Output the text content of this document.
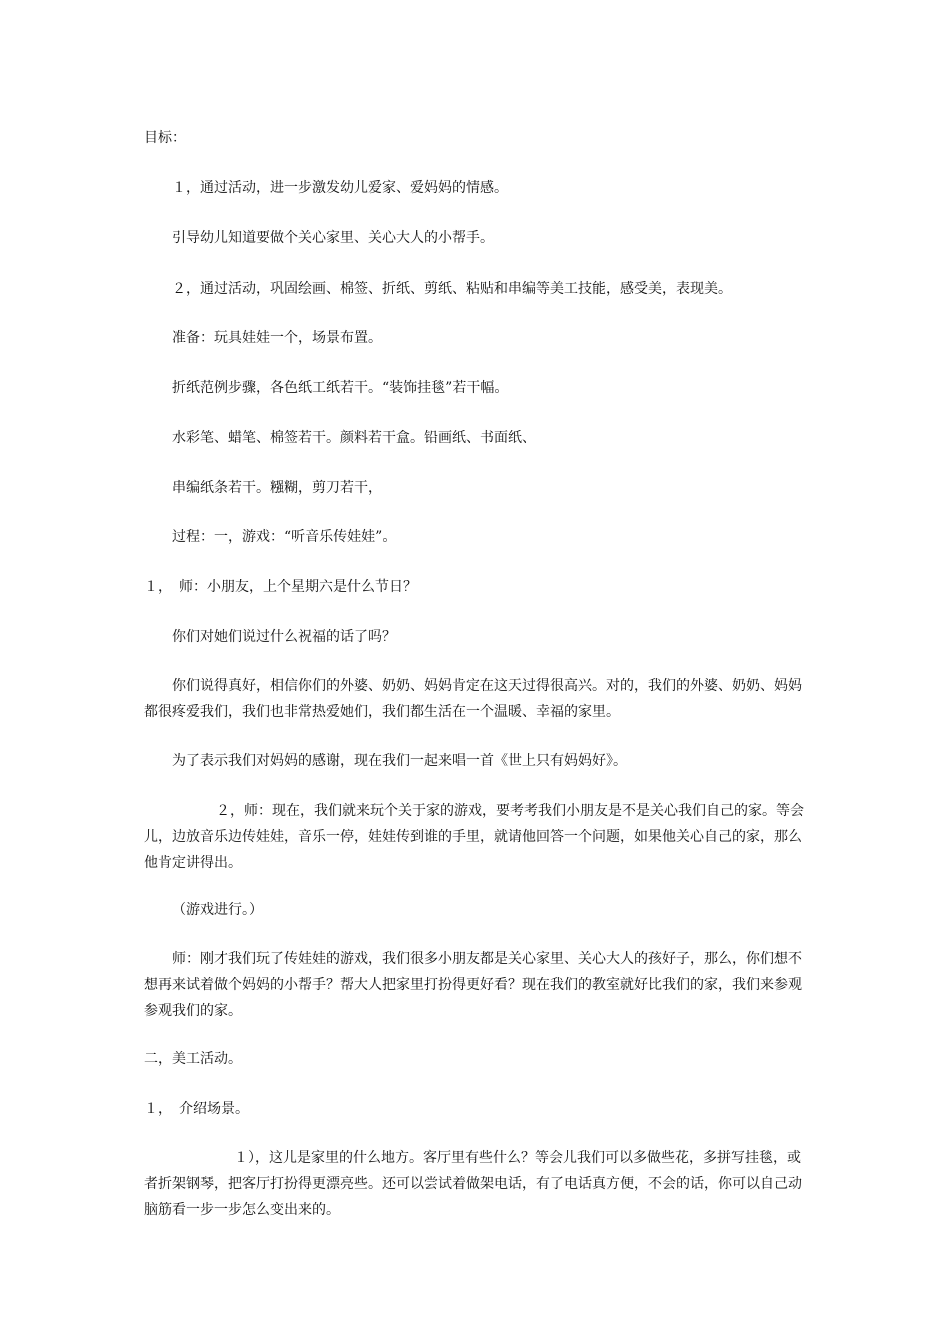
目标：

１，通过活动，进一步激发幼儿爱家、爱妈妈的情感。

引导幼儿知道要做个关心家里、关心大人的小帮手。

２，通过活动，巩固绘画、棉签、折纸、剪纸、粘贴和串编等美工技能，感受美，表现美。

准备：玩具娃娃一个，场景布置。

折纸范例步骤，各色纸工纸若干。“装饰挂毯”若干幅。

水彩笔、蜡笔、棉签若干。颜料若干盒。铅画纸、书面纸、

串编纸条若干。糨糊，剪刀若干，

过程：一，游戏：“听音乐传娃娃”。

１，　师：小朋友，上个星期六是什么节日？

你们对她们说过什么祝福的话了吗？

你们说得真好，相信你们的外婆、奶奶、妈妈肯定在这天过得很高兴。对的，我们的外婆、奶奶、妈妈都很疼爱我们，我们也非常热爱她们，我们都生活在一个温暖、幸福的家里。

为了表示我们对妈妈的感谢，现在我们一起来唱一首《世上只有妈妈好》。

２，师：现在，我们就来玩个关于家的游戏，要考考我们小朋友是不是关心我们自己的家。等会儿，边放音乐边传娃娃，音乐一停，娃娃传到谁的手里，就请他回答一个问题，如果他关心自己的家，那么他肯定讲得出。

（游戏进行。）

师：刚才我们玩了传娃娃的游戏，我们很多小朋友都是关心家里、关心大人的孩好子，那么，你们想不想再来试着做个妈妈的小帮手？帮大人把家里打扮得更好看？现在我们的教室就好比我们的家，我们来参观参观我们的家。

二，美工活动。

１，　介绍场景。

１），这儿是家里的什么地方。客厅里有些什么？等会儿我们可以多做些花，多拼写挂毯，或者折架钢琴，把客厅打扮得更漂亮些。还可以尝试着做架电话，有了电话真方便，不会的话，你可以自己动脑筋看一步一步怎么变出来的。
